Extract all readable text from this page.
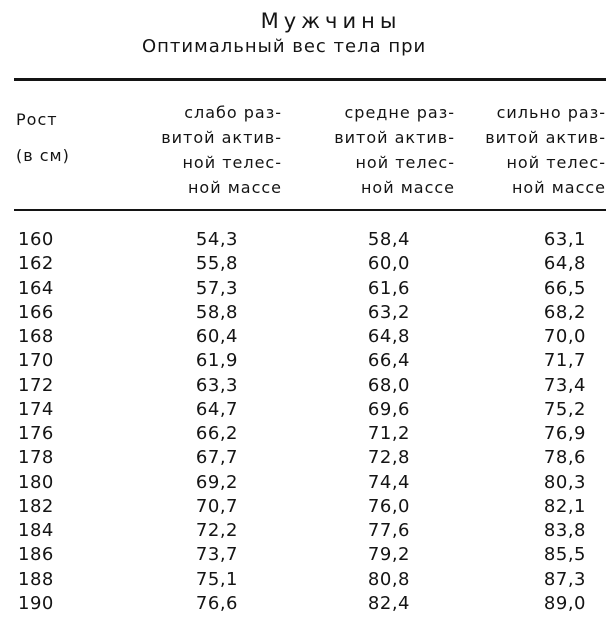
Мужчины
Оптимальный вес тела при
Рост
(в см)
слабо раз-
витой актив-
ной телес-
ной массе
средне раз-
витой актив-
ной телес-
ной массе
сильно раз-
витой актив-
ной телес-
ной массе
160	54,3	58,4	63,1
162	55,8	60,0	64,8
164	57,3	61,6	66,5
166	58,8	63,2	68,2
168	60,4	64,8	70,0
170	61,9	66,4	71,7
172	63,3	68,0	73,4
174	64,7	69,6	75,2
176	66,2	71,2	76,9
178	67,7	72,8	78,6
180	69,2	74,4	80,3
182	70,7	76,0	82,1
184	72,2	77,6	83,8
186	73,7	79,2	85,5
188	75,1	80,8	87,3
190	76,6	82,4	89,0
